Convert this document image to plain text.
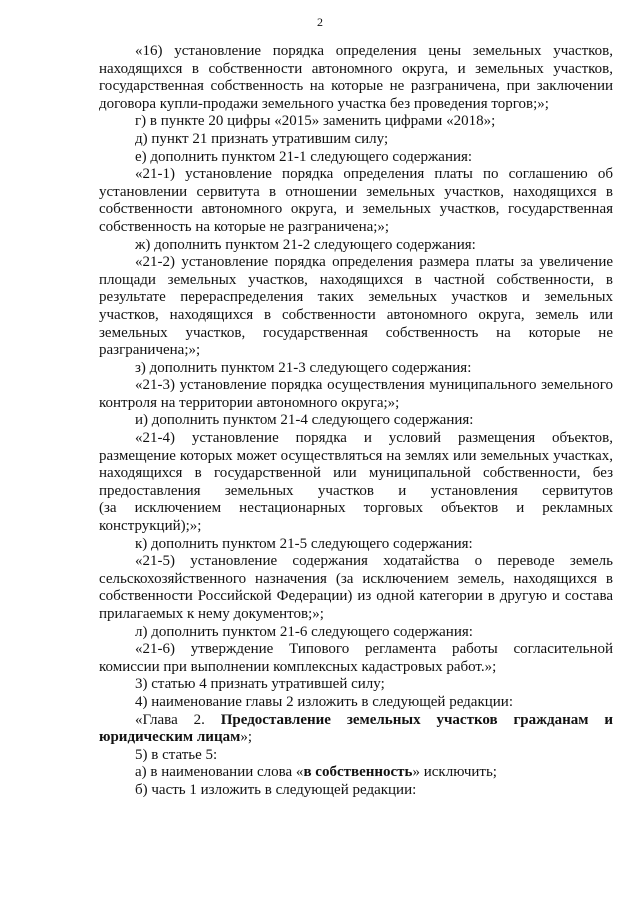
2
«16) установление порядка определения цены земельных участков,
находящихся в собственности автономного округа, и земельных участков,
государственная собственность на которые не разграничена, при заключении
договора купли-продажи земельного участка без проведения торгов;»;
г) в пункте 20 цифры «2015» заменить цифрами «2018»;
д) пункт 21 признать утратившим силу;
е) дополнить пунктом 21-1 следующего содержания:
«21-1) установление порядка определения платы по соглашению об
установлении сервитута в отношении земельных участков, находящихся в
собственности автономного округа, и земельных участков, государственная
собственность на которые не разграничена;»;
ж) дополнить пунктом 21-2 следующего содержания:
«21-2) установление порядка определения размера платы за увеличение
площади земельных участков, находящихся в частной собственности, в
результате перераспределения таких земельных участков и земельных
участков, находящихся в собственности автономного округа, земель или
земельных участков, государственная собственность на которые не
разграничена;»;
з) дополнить пунктом 21-3 следующего содержания:
«21-3) установление порядка осуществления муниципального земельного
контроля на территории автономного округа;»;
и) дополнить пунктом 21-4 следующего содержания:
«21-4) установление порядка и условий размещения объектов,
размещение которых может осуществляться на землях или земельных участках,
находящихся в государственной или муниципальной собственности, без
предоставления земельных участков и установления сервитутов
(за исключением нестационарных торговых объектов и рекламных
конструкций);»;
к) дополнить пунктом 21-5 следующего содержания:
«21-5) установление содержания ходатайства о переводе земель
сельскохозяйственного назначения (за исключением земель, находящихся в
собственности Российской Федерации) из одной категории в другую и состава
прилагаемых к нему документов;»;
л) дополнить пунктом 21-6 следующего содержания:
«21-6) утверждение Типового регламента работы согласительной
комиссии при выполнении комплексных кадастровых работ.»;
3) статью 4 признать утратившей силу;
4) наименование главы 2 изложить в следующей редакции:
«Глава 2. Предоставление земельных участков гражданам и
юридическим лицам»;
5) в статье 5:
а) в наименовании слова «в собственность» исключить;
б) часть 1 изложить в следующей редакции:
